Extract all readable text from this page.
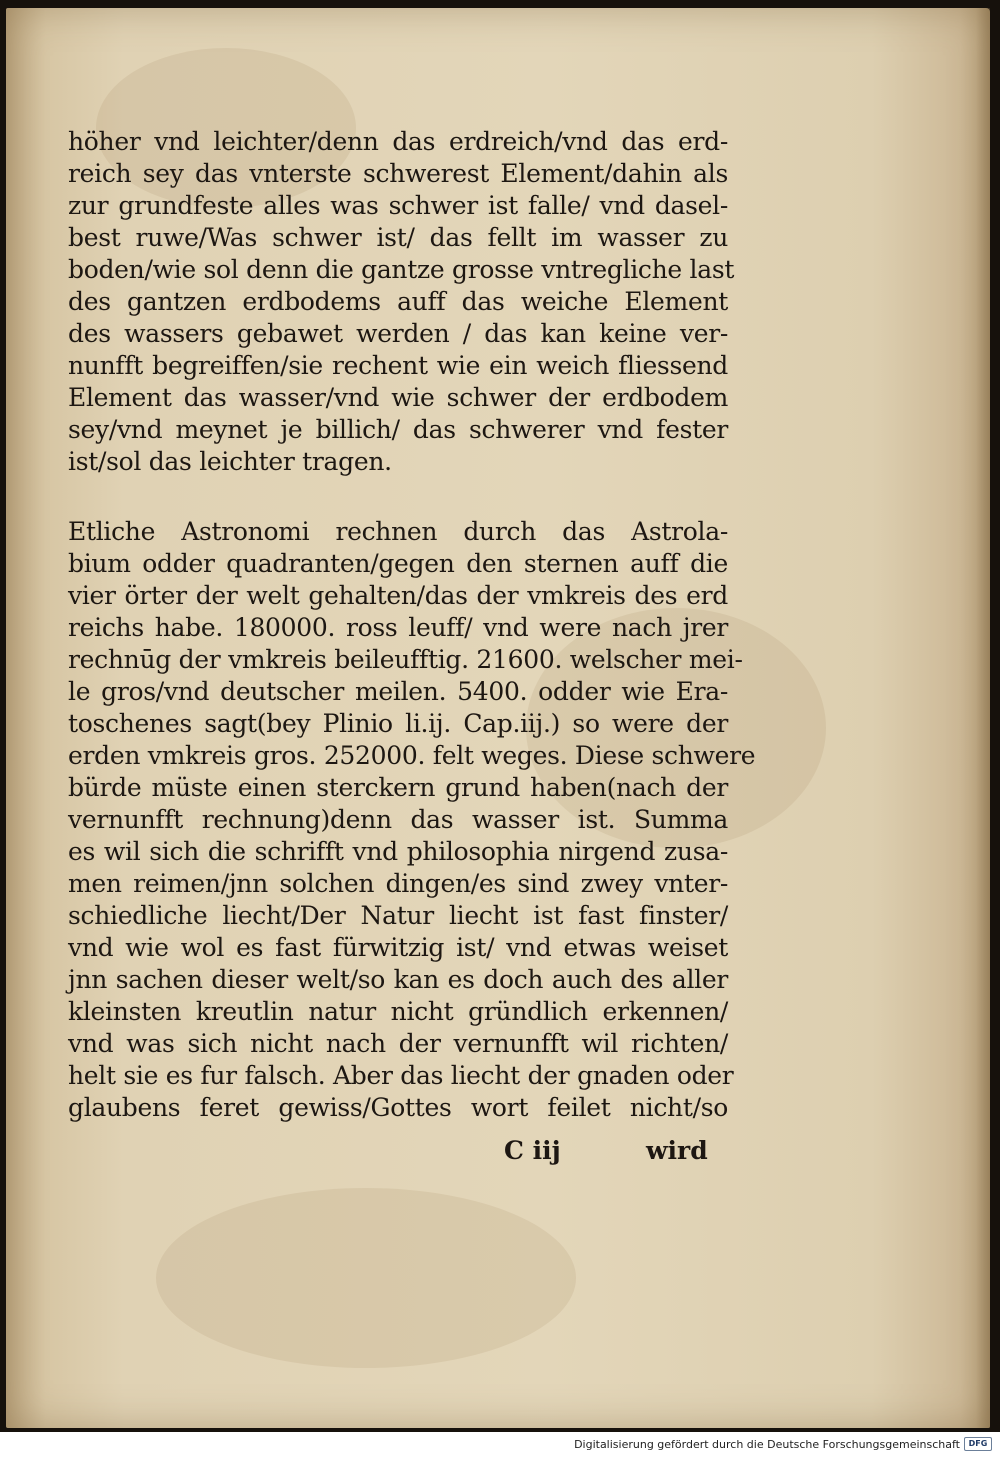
höher vnd leichter/denn das erdreich/vnd das erd‑
reich sey das vnterste schwerest Element/dahin als
zur grundfeste alles was schwer ist falle/ vnd dasel‑
best ruwe/Was schwer ist/ das fellt im wasser zu
boden/wie sol denn die gantze grosse vntregliche last
des gantzen erdbodems auff das weiche Element
des wassers gebawet werden / das kan keine ver‑
nunfft begreiffen/sie rechent wie ein weich fliessend
Element das wasser/vnd wie schwer der erdbodem
sey/vnd meynet je billich/ das schwerer vnd fester
ist/sol das leichter tragen.
Etliche Astronomi rechnen durch das Astrola‑
bium odder quadranten/gegen den sternen auff die
vier örter der welt gehalten/das der vmkreis des erd
reichs habe. 180000. ross leuff/ vnd were nach jrer
rechnūg der vmkreis beileufftig. 21600. welscher mei‑
le gros/vnd deutscher meilen. 5400. odder wie Era‑
toschenes sagt(bey Plinio li.ij. Cap.iij.) so were der
erden vmkreis gros. 252000. felt weges. Diese schwere
bürde müste einen sterckern grund haben(nach der
vernunfft rechnung)denn das wasser ist. Summa
es wil sich die schrifft vnd philosophia nirgend zusa‑
men reimen/jnn solchen dingen/es sind zwey vnter‑
schiedliche liecht/Der Natur liecht ist fast finster/
vnd wie wol es fast fürwitzig ist/ vnd etwas weiset
jnn sachen dieser welt/so kan es doch auch des aller
kleinsten kreutlin natur nicht gründlich erkennen/
vnd was sich nicht nach der vernunfft wil richten/
helt sie es fur falsch. Aber das liecht der gnaden oder
glaubens feret gewiss/Gottes wort feilet nicht/so
C iij	wird
Digitalisierung gefördert durch die Deutsche Forschungsgemeinschaft	DFG
